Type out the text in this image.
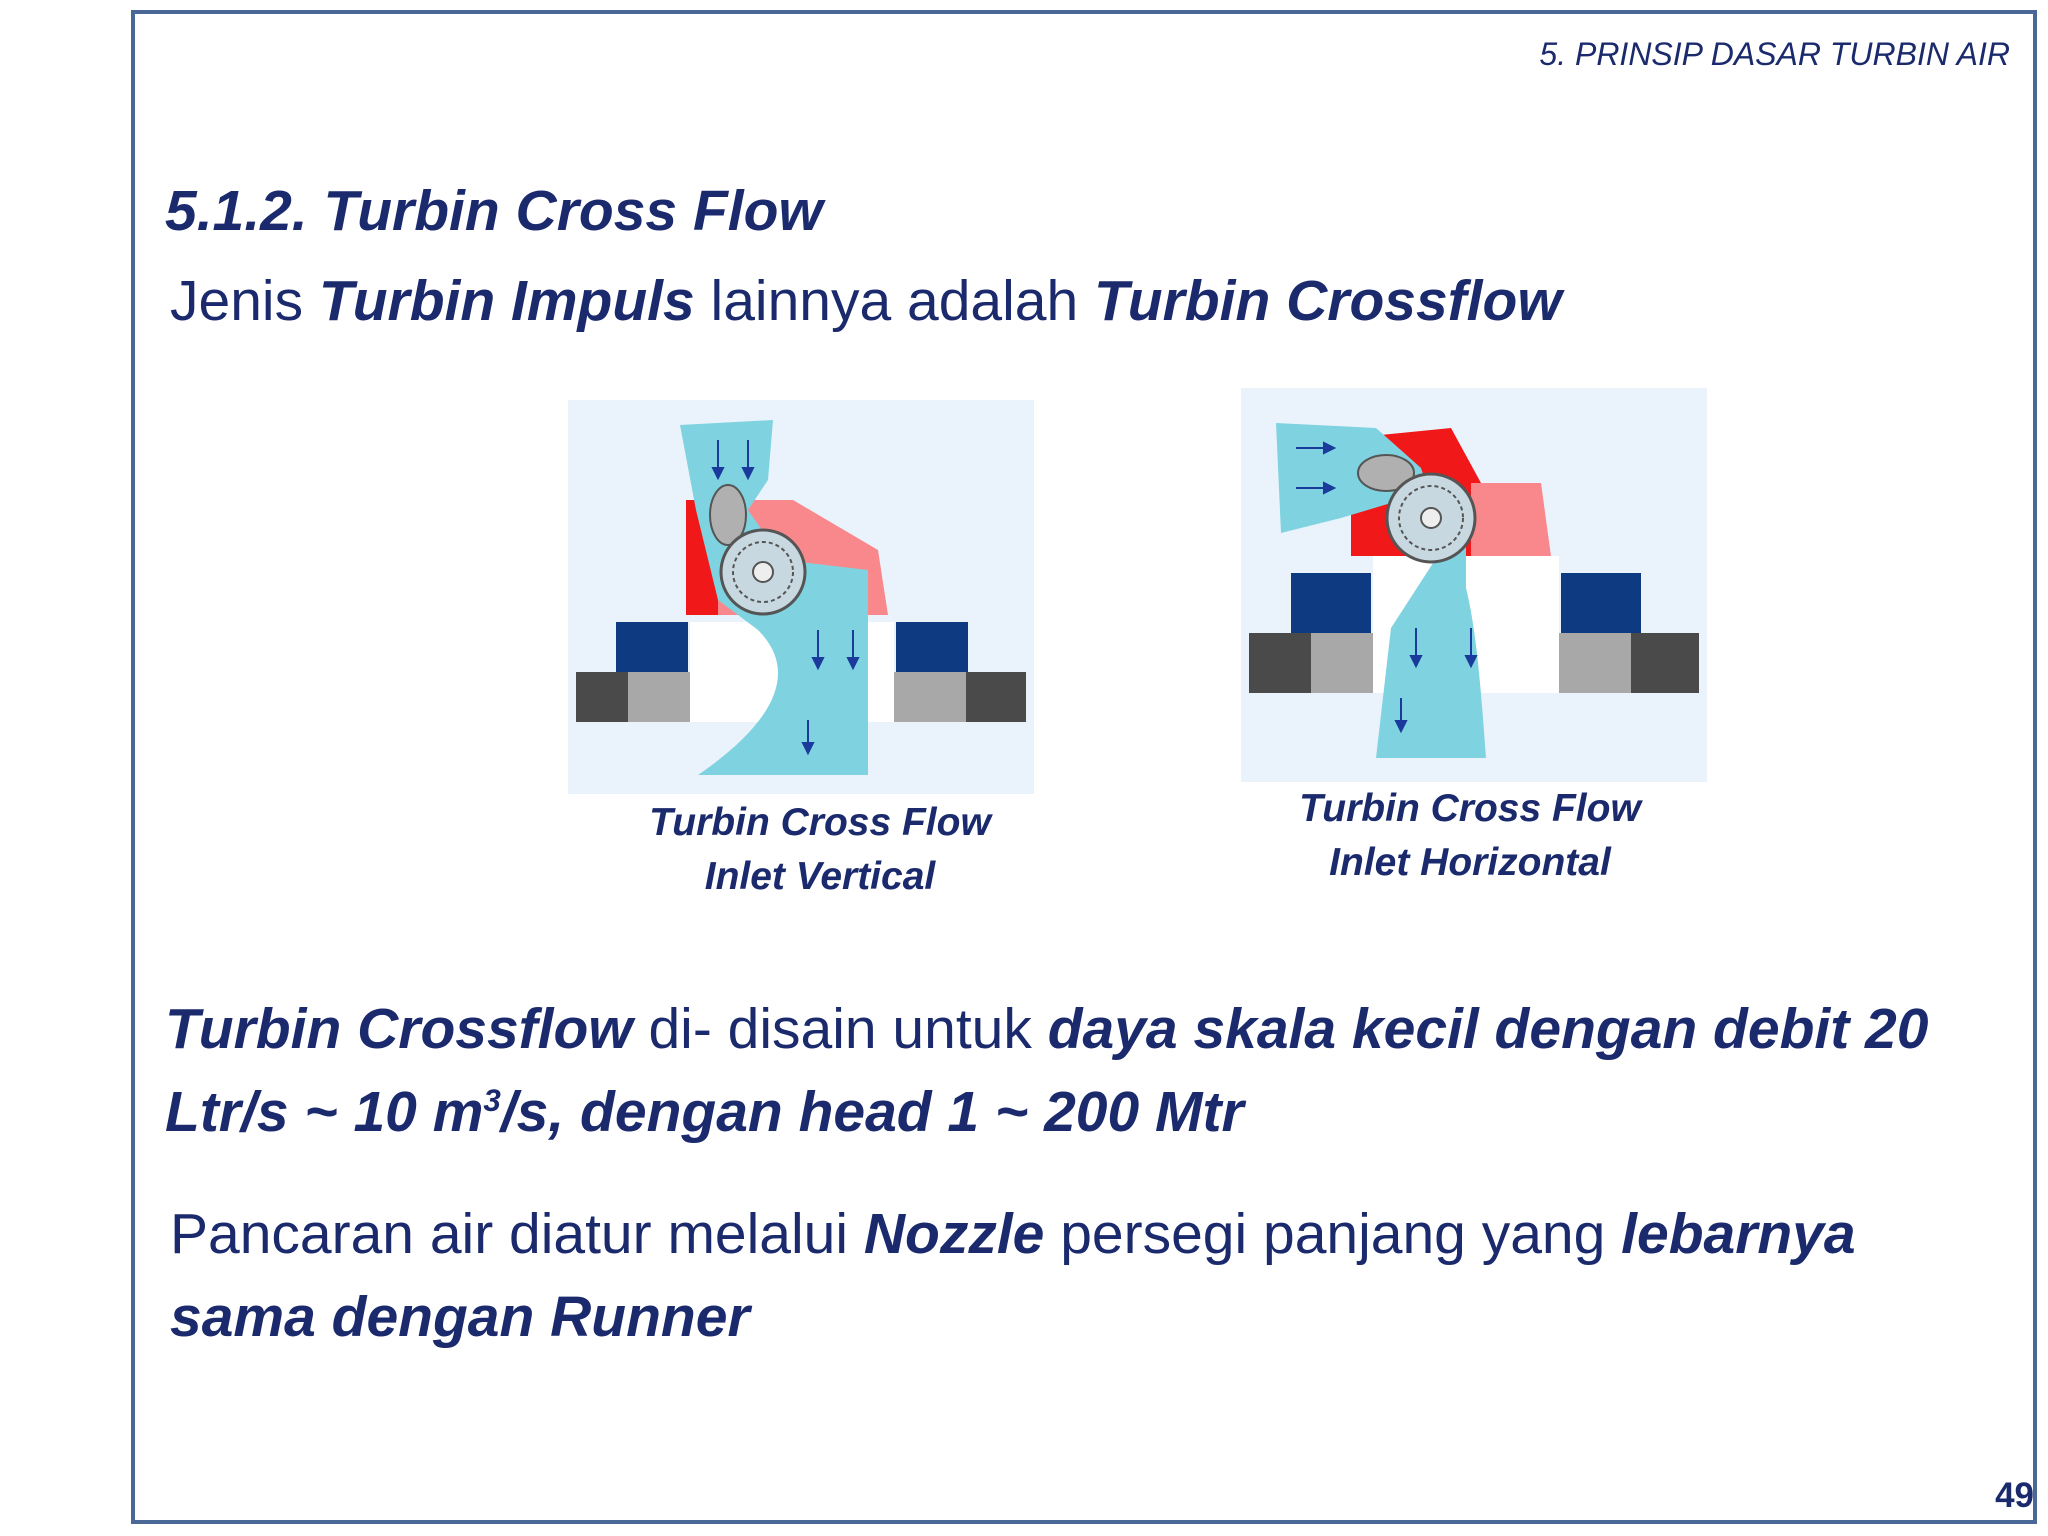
5. PRINSIP DASAR TURBIN AIR
5.1.2. Turbin Cross Flow
Jenis Turbin Impuls lainnya adalah Turbin Crossflow
Turbin Cross Flow
Inlet Vertical
Turbin Cross Flow
Inlet Horizontal
Turbin Crossflow di- disain untuk daya skala kecil dengan debit 20 Ltr/s ~ 10 $m^3/s$, dengan head 1 ~ 200 Mtr
Pancaran air diatur melalui Nozzle persegi panjang yang lebarnya sama dengan Runner
49
